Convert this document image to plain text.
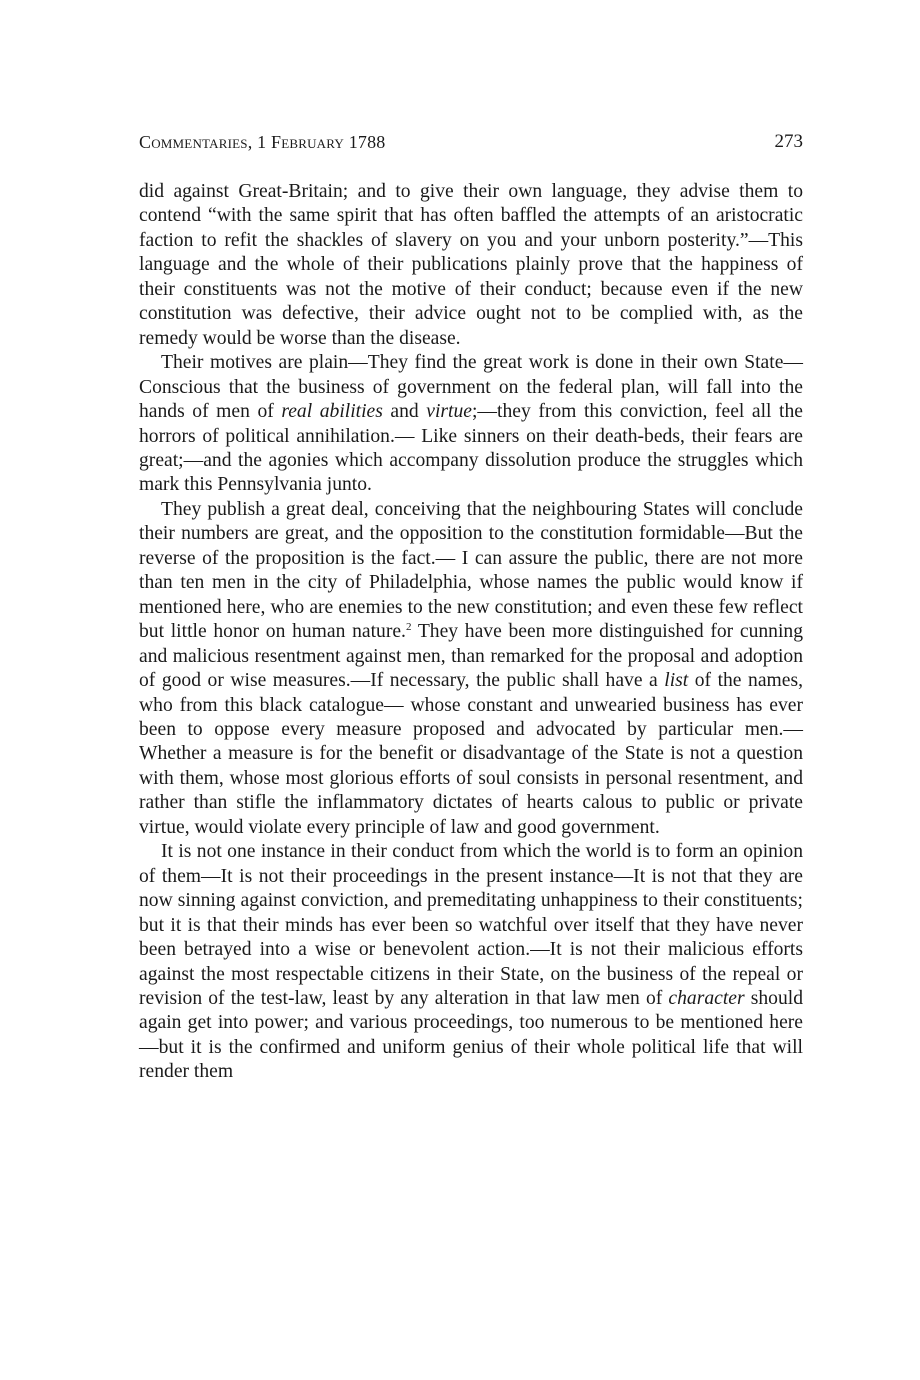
Commentaries, 1 February 1788	273

did against Great-Britain; and to give their own language, they advise them to contend “with the same spirit that has often baffled the attempts of an aristocratic faction to refit the shackles of slavery on you and your unborn posterity.”—This language and the whole of their publications plainly prove that the happiness of their constituents was not the motive of their conduct; because even if the new constitution was defective, their advice ought not to be complied with, as the remedy would be worse than the disease.

Their motives are plain—They find the great work is done in their own State—Conscious that the business of government on the federal plan, will fall into the hands of men of real abilities and virtue;—they from this conviction, feel all the horrors of political annihilation.— Like sinners on their death-beds, their fears are great;—and the agonies which accompany dissolution produce the struggles which mark this Pennsylvania junto.

They publish a great deal, conceiving that the neighbouring States will conclude their numbers are great, and the opposition to the constitution formidable—But the reverse of the proposition is the fact.— I can assure the public, there are not more than ten men in the city of Philadelphia, whose names the public would know if mentioned here, who are enemies to the new constitution; and even these few reflect but little honor on human nature.$^2$ They have been more distinguished for cunning and malicious resentment against men, than remarked for the proposal and adoption of good or wise measures.—If necessary, the public shall have a list of the names, who from this black catalogue— whose constant and unwearied business has ever been to oppose every measure proposed and advocated by particular men.—Whether a measure is for the benefit or disadvantage of the State is not a question with them, whose most glorious efforts of soul consists in personal resentment, and rather than stifle the inflammatory dictates of hearts calous to public or private virtue, would violate every principle of law and good government.

It is not one instance in their conduct from which the world is to form an opinion of them—It is not their proceedings in the present instance—It is not that they are now sinning against conviction, and premeditating unhappiness to their constituents; but it is that their minds has ever been so watchful over itself that they have never been betrayed into a wise or benevolent action.—It is not their malicious efforts against the most respectable citizens in their State, on the business of the repeal or revision of the test-law, least by any alteration in that law men of character should again get into power; and various proceedings, too numerous to be mentioned here—but it is the confirmed and uniform genius of their whole political life that will render them
